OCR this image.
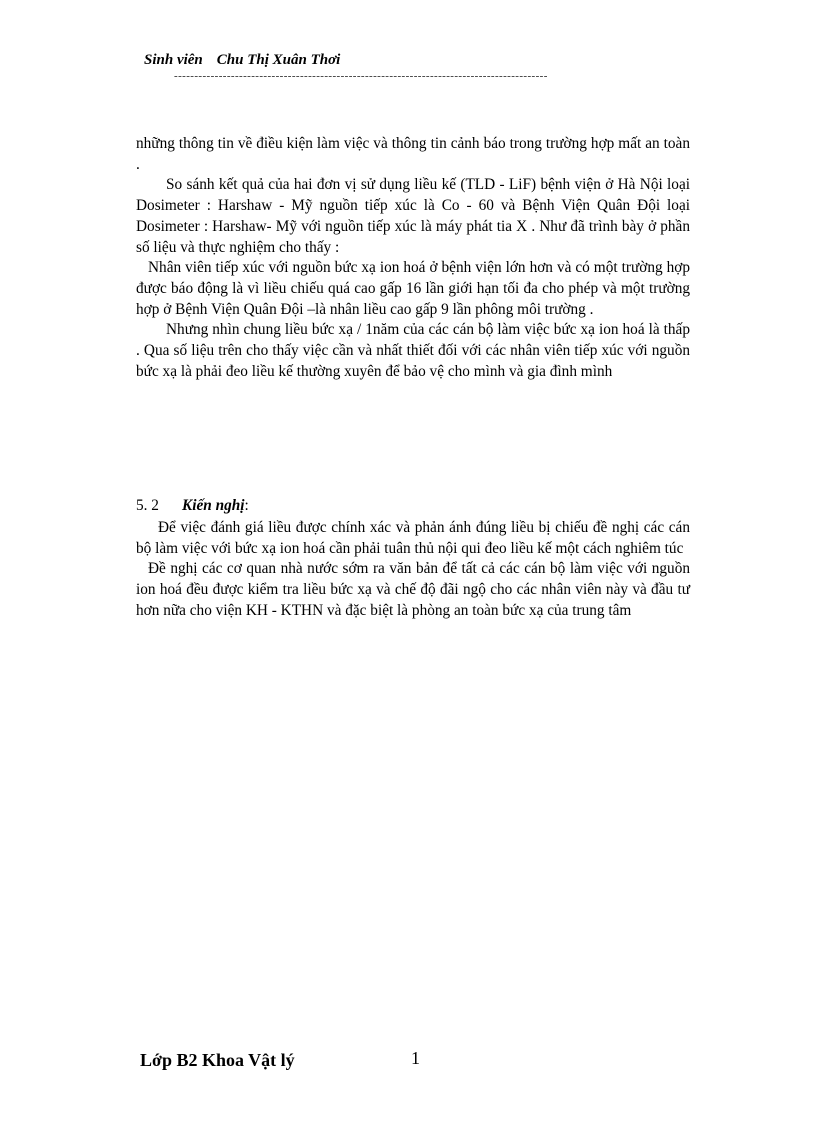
Sinh viên Chu Thị Xuân Thơi
--------------------------------------------------------------------------------------------

những thông tin về điều kiện làm việc và thông tin cảnh báo trong trường hợp mất an toàn .

So sánh kết quả của hai đơn vị sử dụng liều kế (TLD - LiF) bệnh viện ở Hà Nội loại Dosimeter : Harshaw - Mỹ nguồn tiếp xúc là Co - 60 và Bệnh Viện Quân Đội loại Dosimeter : Harshaw- Mỹ với nguồn tiếp xúc là máy phát tia X . Như đã trình bày ở phần số liệu và thực nghiệm cho thấy :

Nhân viên tiếp xúc với nguồn bức xạ ion hoá ở bệnh viện lớn hơn và có một trường hợp được báo động là vì liều chiếu quá cao gấp 16 lần giới hạn tối đa cho phép và một trường hợp ở Bệnh Viện Quân Đội –là nhân liều cao gấp 9 lần phông môi trường .

Nhưng nhìn chung liều bức xạ / 1năm của các cán bộ làm việc bức xạ ion hoá là thấp . Qua số liệu trên cho thấy việc cần và nhất thiết đối với các nhân viên tiếp xúc với nguồn bức xạ là phải đeo liều kế thường xuyên để bảo vệ cho mình và gia đình mình

5. 2 Kiến nghị:

Để việc đánh giá liều được chính xác và phản ánh đúng liều bị chiếu đề nghị các cán bộ làm việc với bức xạ ion hoá cần phải tuân thủ nội qui đeo liều kế một cách nghiêm túc

Đề nghị các cơ quan nhà nước sớm ra văn bản để tất cả các cán bộ làm việc với nguồn ion hoá đều được kiểm tra liều bức xạ và chế độ đãi ngộ cho các nhân viên này và đầu tư hơn nữa cho viện KH - KTHN và đặc biệt là phòng an toàn bức xạ của trung tâm

Lớp B2 Khoa Vật lý	1
